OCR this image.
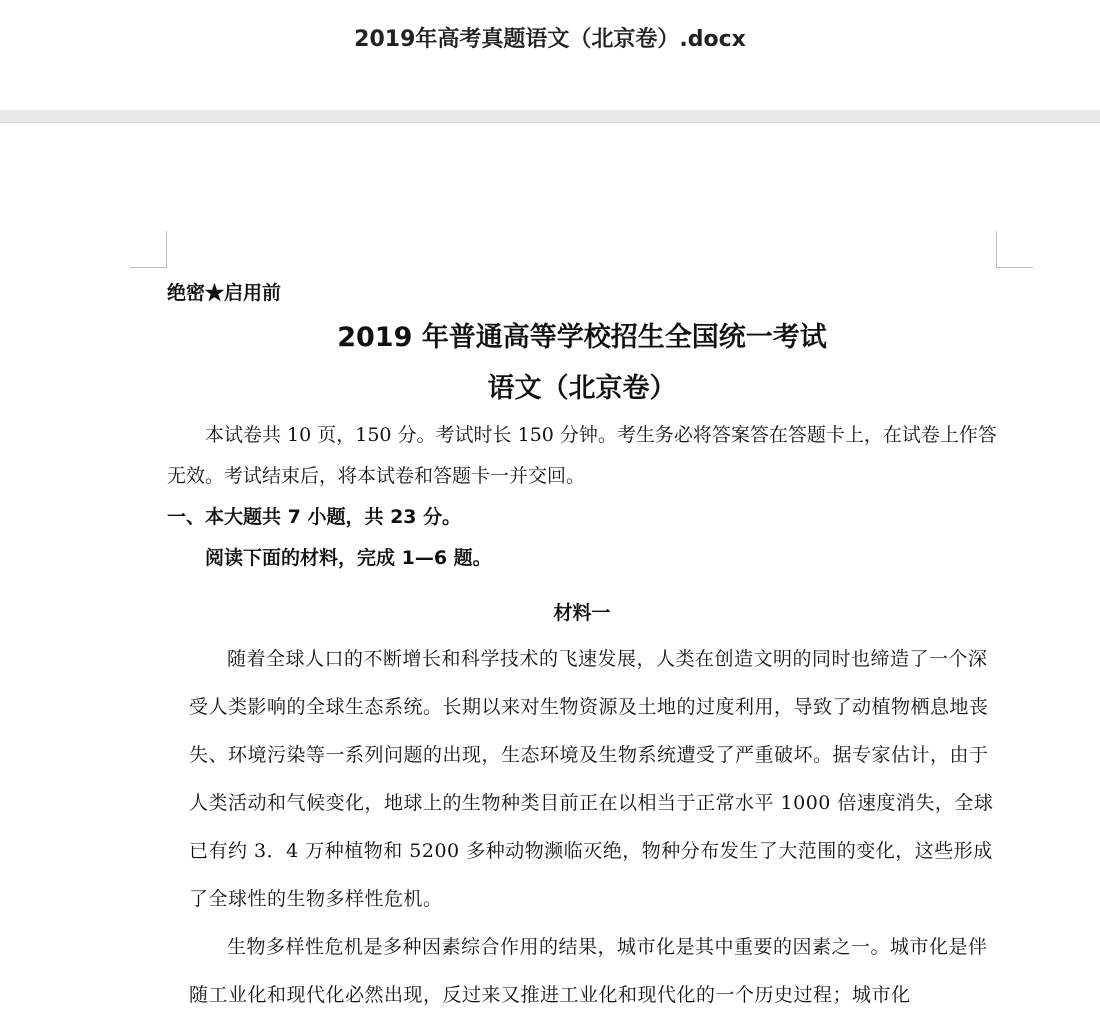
2019年高考真题语文（北京卷）.docx

绝密★启用前

2019 年普通高等学校招生全国统一考试

语文（北京卷）

本试卷共 10 页，150 分。考试时长 150 分钟。考生务必将答案答在答题卡上，在试卷上作答无效。考试结束后，将本试卷和答题卡一并交回。

一、本大题共 7 小题，共 23 分。

阅读下面的材料，完成 1—6 题。

材料一

随着全球人口的不断增长和科学技术的飞速发展，人类在创造文明的同时也缔造了一个深受人类影响的全球生态系统。长期以来对生物资源及土地的过度利用，导致了动植物栖息地丧失、环境污染等一系列问题的出现，生态环境及生物系统遭受了严重破坏。据专家估计，由于人类活动和气候变化，地球上的生物种类目前正在以相当于正常水平 1000 倍速度消失，全球已有约 3．4 万种植物和 5200 多种动物濒临灭绝，物种分布发生了大范围的变化，这些形成了全球性的生物多样性危机。

生物多样性危机是多种因素综合作用的结果，城市化是其中重要的因素之一。城市化是伴随工业化和现代化必然出现，反过来又推进工业化和现代化的一个历史过程；城市化
